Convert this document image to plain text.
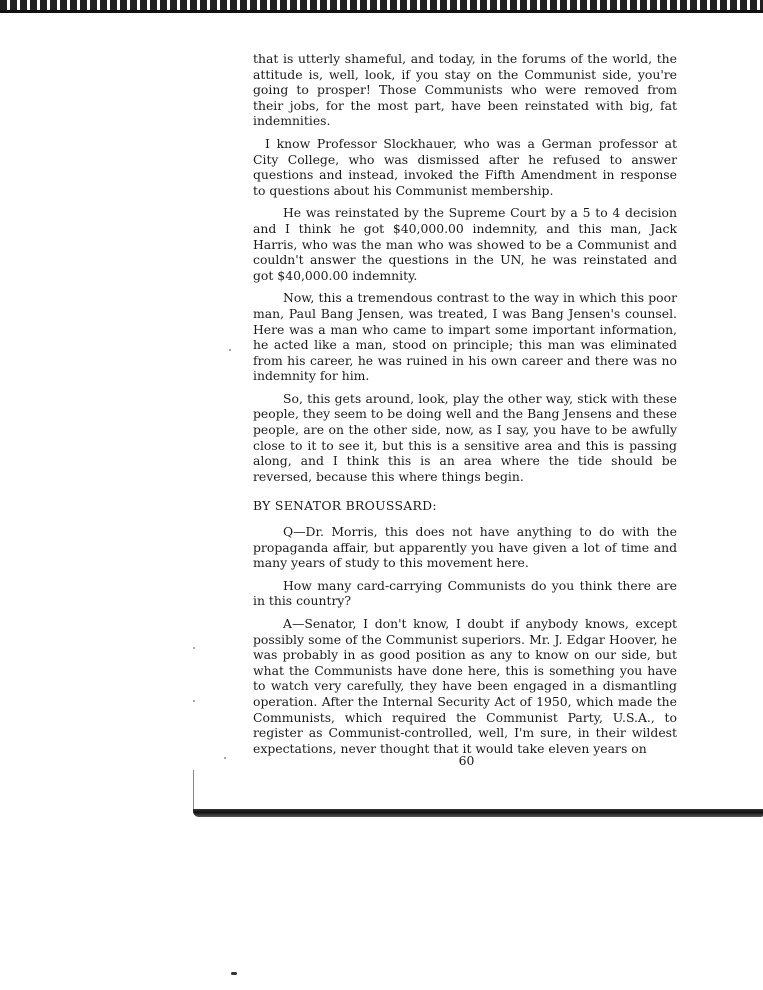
that is utterly shameful, and today, in the forums of the world, the attitude is, well, look, if you stay on the Communist side, you're going to prosper! Those Communists who were removed from their jobs, for the most part, have been reinstated with big, fat indemnities.

I know Professor Slockhauer, who was a German professor at City College, who was dismissed after he refused to answer questions and instead, invoked the Fifth Amendment in response to questions about his Communist membership.

He was reinstated by the Supreme Court by a 5 to 4 decision and I think he got $40,000.00 indemnity, and this man, Jack Harris, who was the man who was showed to be a Communist and couldn't answer the questions in the UN, he was reinstated and got $40,000.00 indemnity.

Now, this a tremendous contrast to the way in which this poor man, Paul Bang Jensen, was treated, I was Bang Jensen's counsel. Here was a man who came to impart some important information, he acted like a man, stood on principle; this man was eliminated from his career, he was ruined in his own career and there was no indemnity for him.

So, this gets around, look, play the other way, stick with these people, they seem to be doing well and the Bang Jensens and these people, are on the other side, now, as I say, you have to be awfully close to it to see it, but this is a sensitive area and this is passing along, and I think this is an area where the tide should be reversed, because this where things begin.

BY SENATOR BROUSSARD:

Q—Dr. Morris, this does not have anything to do with the propaganda affair, but apparently you have given a lot of time and many years of study to this movement here.

How many card-carrying Communists do you think there are in this country?

A—Senator, I don't know, I doubt if anybody knows, except possibly some of the Communist superiors. Mr. J. Edgar Hoover, he was probably in as good position as any to know on our side, but what the Communists have done here, this is something you have to watch very carefully, they have been engaged in a dismantling operation. After the Internal Security Act of 1950, which made the Communists, which required the Communist Party, U.S.A., to register as Communist-controlled, well, I'm sure, in their wildest expectations, never thought that it would take eleven years on

60
